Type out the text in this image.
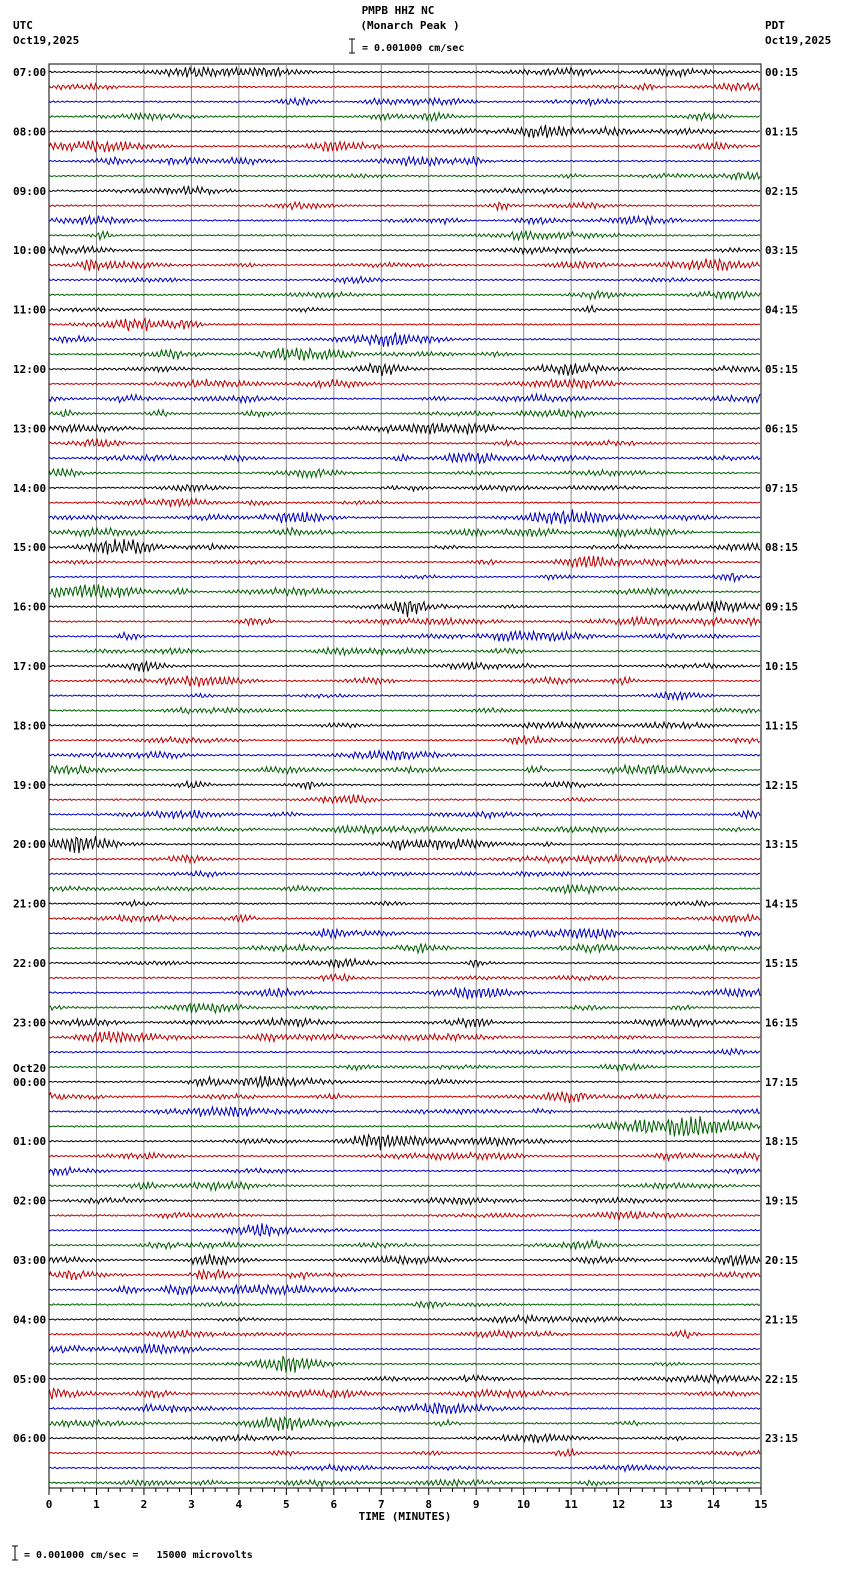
PMPB HHZ NC
(Monarch Peak )
= 0.001000 cm/sec
UTC
Oct19,2025
PDT
Oct19,2025
= 0.001000 cm/sec =   15000 microvolts
0	1	2	3	4	5	6	7	8	9	10	11	12	13	14	15
TIME (MINUTES)
07:00	00:15
08:00	01:15
09:00	02:15
10:00	03:15
11:00	04:15
12:00	05:15
13:00	06:15
14:00	07:15
15:00	08:15
16:00	09:15
17:00	10:15
18:00	11:15
19:00	12:15
20:00	13:15
21:00	14:15
22:00	15:15
23:00	16:15
Oct20
00:00	17:15
01:00	18:15
02:00	19:15
03:00	20:15
04:00	21:15
05:00	22:15
06:00	23:15
